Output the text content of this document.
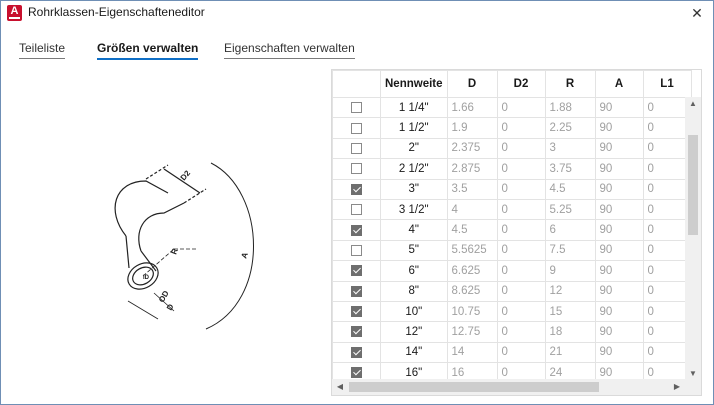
A Rohrklassen-Eigenschafteneditor	✕
Teileliste	Größen verwalten Eigenschaften verwalten
D2
R	A
ID
OD
D
	Nennweite	D	D2	R	A	L1
	1 1/4"	1.66	0	1.88	90	0
	1 1/2"	1.9	0	2.25	90	0
	2"	2.375	0	3	90	0
	2 1/2"	2.875	0	3.75	90	0
	3"	3.5	0	4.5	90	0
	3 1/2"	4	0	5.25	90	0
	4"	4.5	0	6	90	0
	5"	5.5625	0	7.5	90	0
	6"	6.625	0	9	90	0
	8"	8.625	0	12	90	0
	10"	10.75	0	15	90	0
	12"	12.75	0	18	90	0
	14"	14	0	21	90	0
	16"	16	0	24	90	0
▲
▼
◀	▶
